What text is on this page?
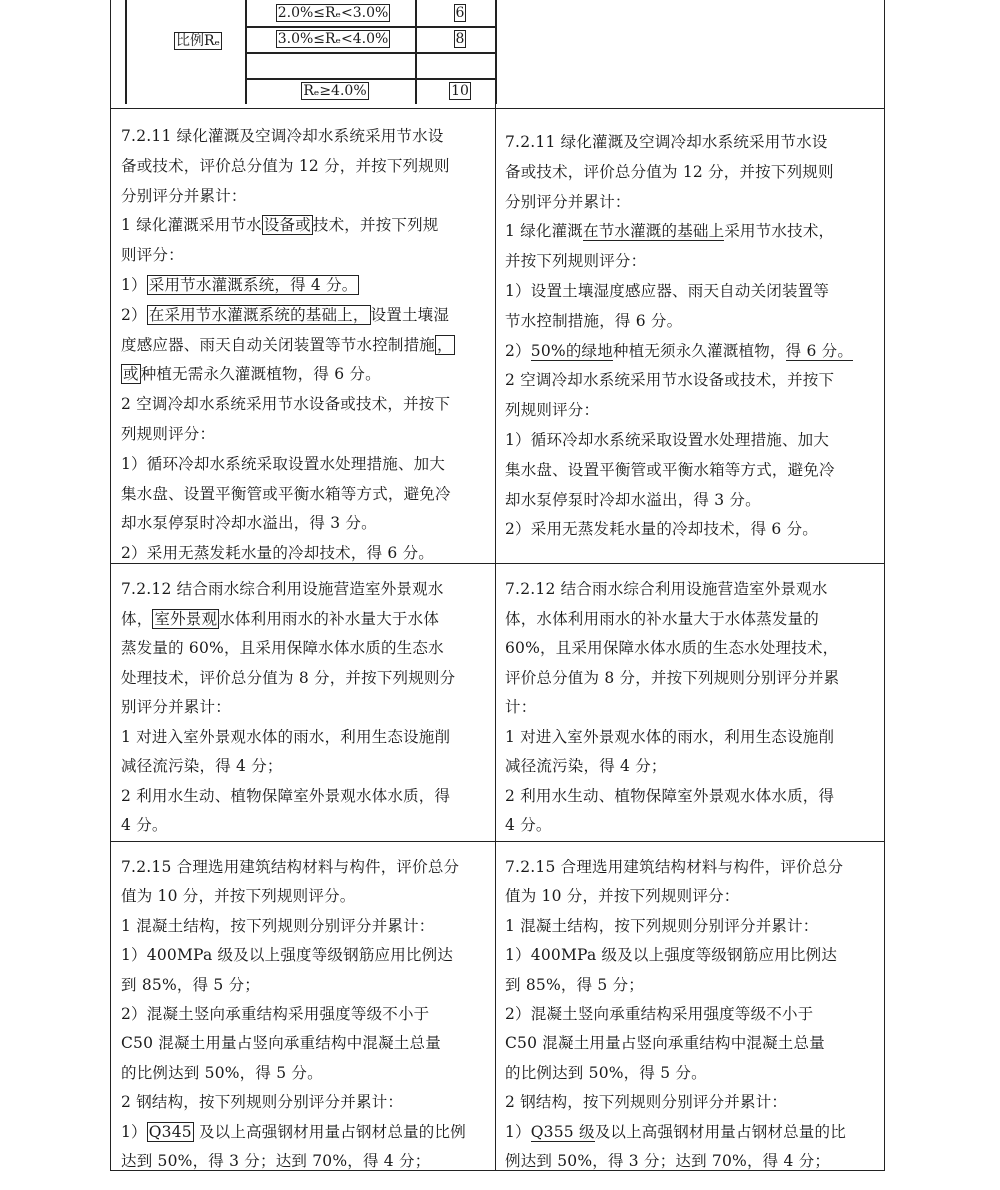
比例Rₑ
2.0%≤Rₑ<3.0%	6
3.0%≤Rₑ<4.0%	8
Rₑ≥4.0%	10
7.2.11 绿化灌溉及空调冷却水系统采用节水设
备或技术，评价总分值为 12 分，并按下列规则
分别评分并累计：
1 绿化灌溉采用节水 设备或 技术，并按下列规
则评分：
1） 采用节水灌溉系统，得 4 分。
2） 在采用节水灌溉系统的基础上， 设置土壤湿
度感应器、雨天自动关闭装置等节水控制措施 ，
或 种植无需永久灌溉植物，得 6 分。
2 空调冷却水系统采用节水设备或技术，并按下
列规则评分：
1）循环冷却水系统采取设置水处理措施、加大
集水盘、设置平衡管或平衡水箱等方式，避免冷
却水泵停泵时冷却水溢出，得 3 分。
2）采用无蒸发耗水量的冷却技术，得 6 分。
7.2.11 绿化灌溉及空调冷却水系统采用节水设
备或技术，评价总分值为 12 分，并按下列规则
分别评分并累计：
1 绿化灌溉在节水灌溉的基础上采用节水技术，
并按下列规则评分：
1）设置土壤湿度感应器、雨天自动关闭装置等
节水控制措施，得 6 分。
2）50%的绿地种植无须永久灌溉植物，得 6 分。
2 空调冷却水系统采用节水设备或技术，并按下
列规则评分：
1）循环冷却水系统采取设置水处理措施、加大
集水盘、设置平衡管或平衡水箱等方式，避免冷
却水泵停泵时冷却水溢出，得 3 分。
2）采用无蒸发耗水量的冷却技术，得 6 分。
7.2.12 结合雨水综合利用设施营造室外景观水
体， 室外景观 水体利用雨水的补水量大于水体
蒸发量的 60%，且采用保障水体水质的生态水
处理技术，评价总分值为 8 分，并按下列规则分
别评分并累计：
1 对进入室外景观水体的雨水，利用生态设施削
减径流污染，得 4 分；
2 利用水生动、植物保障室外景观水体水质，得
4 分。
7.2.12 结合雨水综合利用设施营造室外景观水
体，水体利用雨水的补水量大于水体蒸发量的
60%，且采用保障水体水质的生态水处理技术，
评价总分值为 8 分，并按下列规则分别评分并累
计：
1 对进入室外景观水体的雨水，利用生态设施削
减径流污染，得 4 分；
2 利用水生动、植物保障室外景观水体水质，得
4 分。
7.2.15 合理选用建筑结构材料与构件，评价总分
值为 10 分，并按下列规则评分。
1 混凝土结构，按下列规则分别评分并累计：
1）400MPa 级及以上强度等级钢筋应用比例达
到 85%，得 5 分；
2）混凝土竖向承重结构采用强度等级不小于
C50 混凝土用量占竖向承重结构中混凝土总量
的比例达到 50%，得 5 分。
2 钢结构，按下列规则分别评分并累计：
1） Q345 及以上高强钢材用量占钢材总量的比例
达到 50%，得 3 分；达到 70%，得 4 分；
7.2.15 合理选用建筑结构材料与构件，评价总分
值为 10 分，并按下列规则评分：
1 混凝土结构，按下列规则分别评分并累计：
1）400MPa 级及以上强度等级钢筋应用比例达
到 85%，得 5 分；
2）混凝土竖向承重结构采用强度等级不小于
C50 混凝土用量占竖向承重结构中混凝土总量
的比例达到 50%，得 5 分。
2 钢结构，按下列规则分别评分并累计：
1）Q355 级及以上高强钢材用量占钢材总量的比
例达到 50%，得 3 分；达到 70%，得 4 分；
